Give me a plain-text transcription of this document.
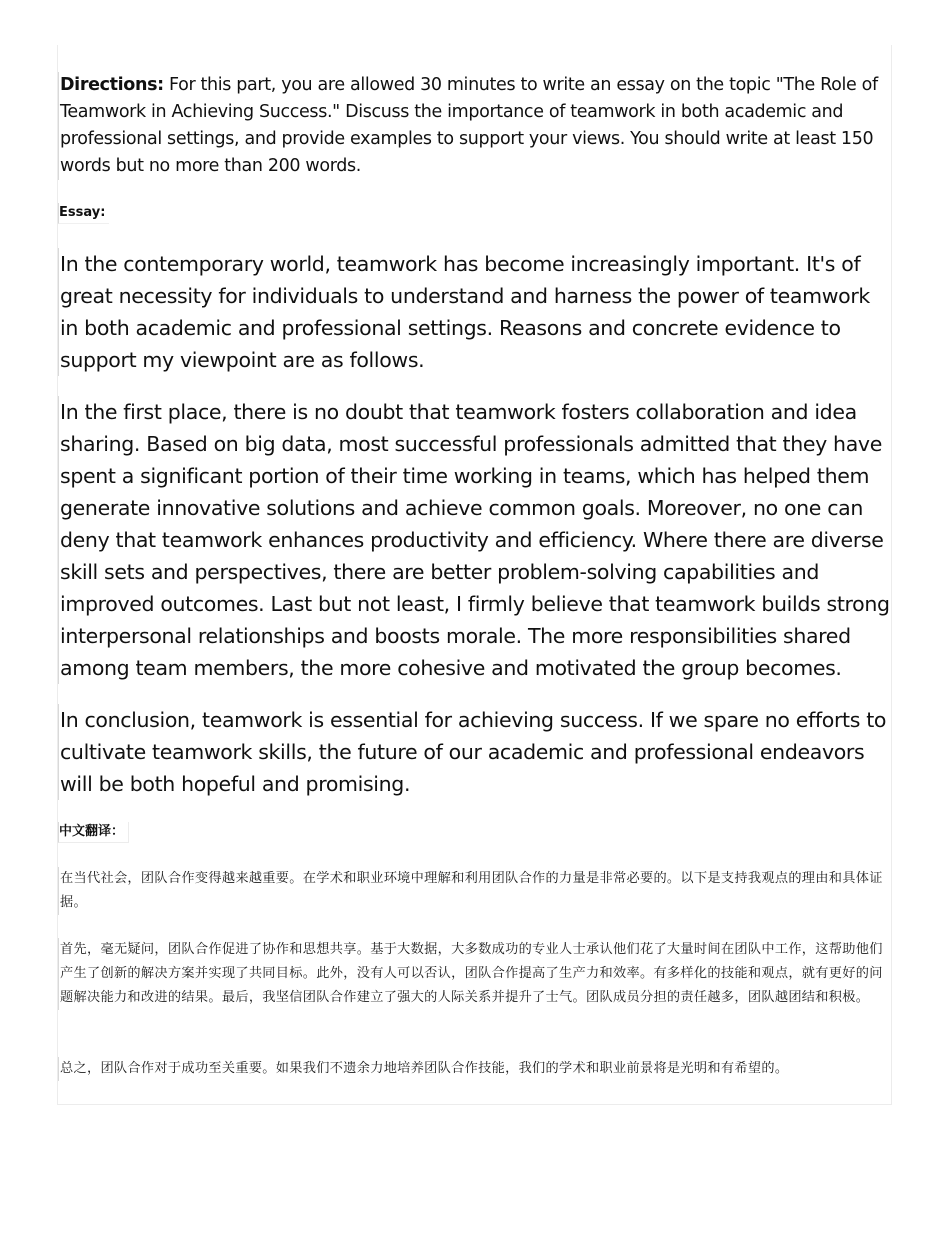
Directions: For this part, you are allowed 30 minutes to write an essay on the topic "The Role of Teamwork in Achieving Success." Discuss the importance of teamwork in both academic and professional settings, and provide examples to support your views. You should write at least 150 words but no more than 200 words.

Essay:

In the contemporary world, teamwork has become increasingly important. It's of great necessity for individuals to understand and harness the power of teamwork in both academic and professional settings. Reasons and concrete evidence to support my viewpoint are as follows.

In the first place, there is no doubt that teamwork fosters collaboration and idea sharing. Based on big data, most successful professionals admitted that they have spent a significant portion of their time working in teams, which has helped them generate innovative solutions and achieve common goals. Moreover, no one can deny that teamwork enhances productivity and efficiency. Where there are diverse skill sets and perspectives, there are better problem-solving capabilities and improved outcomes. Last but not least, I firmly believe that teamwork builds strong interpersonal relationships and boosts morale. The more responsibilities shared among team members, the more cohesive and motivated the group becomes.

In conclusion, teamwork is essential for achieving success. If we spare no efforts to cultivate teamwork skills, the future of our academic and professional endeavors will be both hopeful and promising.

中文翻译：

在当代社会，团队合作变得越来越重要。在学术和职业环境中理解和利用团队合作的力量是非常必要的。以下是支持我观点的理由和具体证据。

首先，毫无疑问，团队合作促进了协作和思想共享。基于大数据，大多数成功的专业人士承认他们花了大量时间在团队中工作，这帮助他们产生了创新的解决方案并实现了共同目标。此外，没有人可以否认，团队合作提高了生产力和效率。有多样化的技能和观点，就有更好的问题解决能力和改进的结果。最后，我坚信团队合作建立了强大的人际关系并提升了士气。团队成员分担的责任越多，团队越团结和积极。

总之，团队合作对于成功至关重要。如果我们不遗余力地培养团队合作技能，我们的学术和职业前景将是光明和有希望的。
